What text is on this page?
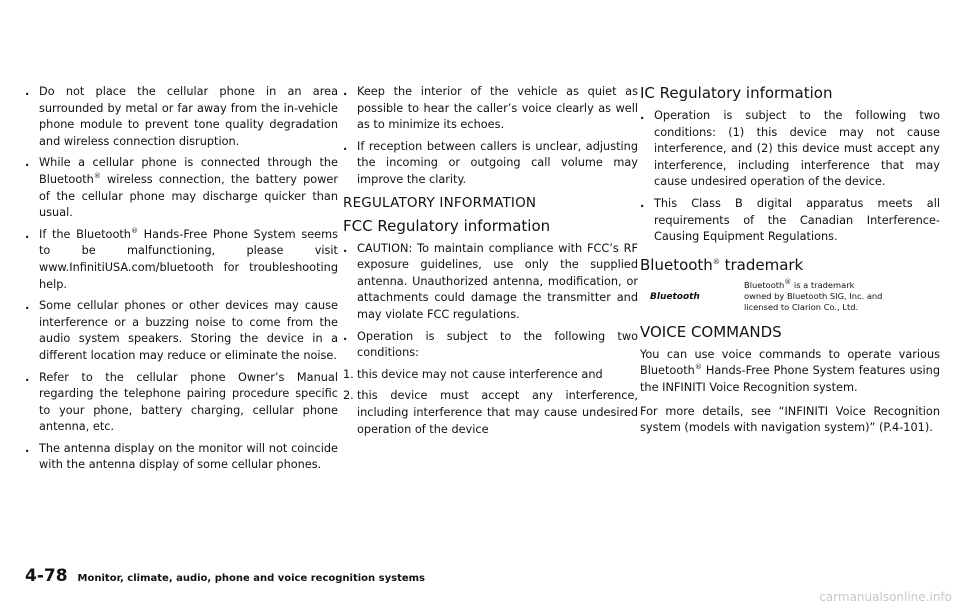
. Do not place the cellular phone in an area surrounded by metal or far away from the in-vehicle phone module to prevent tone quality degradation and wireless connection disruption.
. While a cellular phone is connected through the Bluetooth® wireless connection, the battery power of the cellular phone may discharge quicker than usual.
. If the Bluetooth® Hands-Free Phone System seems to be malfunctioning, please visit www.InfinitiUSA.com/bluetooth for troubleshooting help.
. Some cellular phones or other devices may cause interference or a buzzing noise to come from the audio system speakers. Storing the device in a different location may reduce or eliminate the noise.
. Refer to the cellular phone Owner’s Manual regarding the telephone pairing procedure specific to your phone, battery charging, cellular phone antenna, etc.
. The antenna display on the monitor will not coincide with the antenna display of some cellular phones.
. Keep the interior of the vehicle as quiet as possible to hear the caller’s voice clearly as well as to minimize its echoes.
. If reception between callers is unclear, adjusting the incoming or outgoing call volume may improve the clarity.
REGULATORY INFORMATION
FCC Regulatory information
. CAUTION: To maintain compliance with FCC’s RF exposure guidelines, use only the supplied antenna. Unauthorized antenna, modification, or attachments could damage the transmitter and may violate FCC regulations.
. Operation is subject to the following two conditions:
1. this device may not cause interference and
2. this device must accept any interference, including interference that may cause undesired operation of the device
IC Regulatory information
. Operation is subject to the following two conditions: (1) this device may not cause interference, and (2) this device must accept any interference, including interference that may cause undesired operation of the device.
. This Class B digital apparatus meets all requirements of the Canadian Interference-Causing Equipment Regulations.
Bluetooth® trademark
Bluetooth
Bluetooth® is a trademark owned by Bluetooth SIG, Inc. and licensed to Clarion Co., Ltd.
VOICE COMMANDS

You can use voice commands to operate various Bluetooth® Hands-Free Phone System features using the INFINITI Voice Recognition system.

For more details, see “INFINITI Voice Recognition system (models with navigation system)” (P.4-101).

4-78 Monitor, climate, audio, phone and voice recognition systems
carmanualsonline.info
